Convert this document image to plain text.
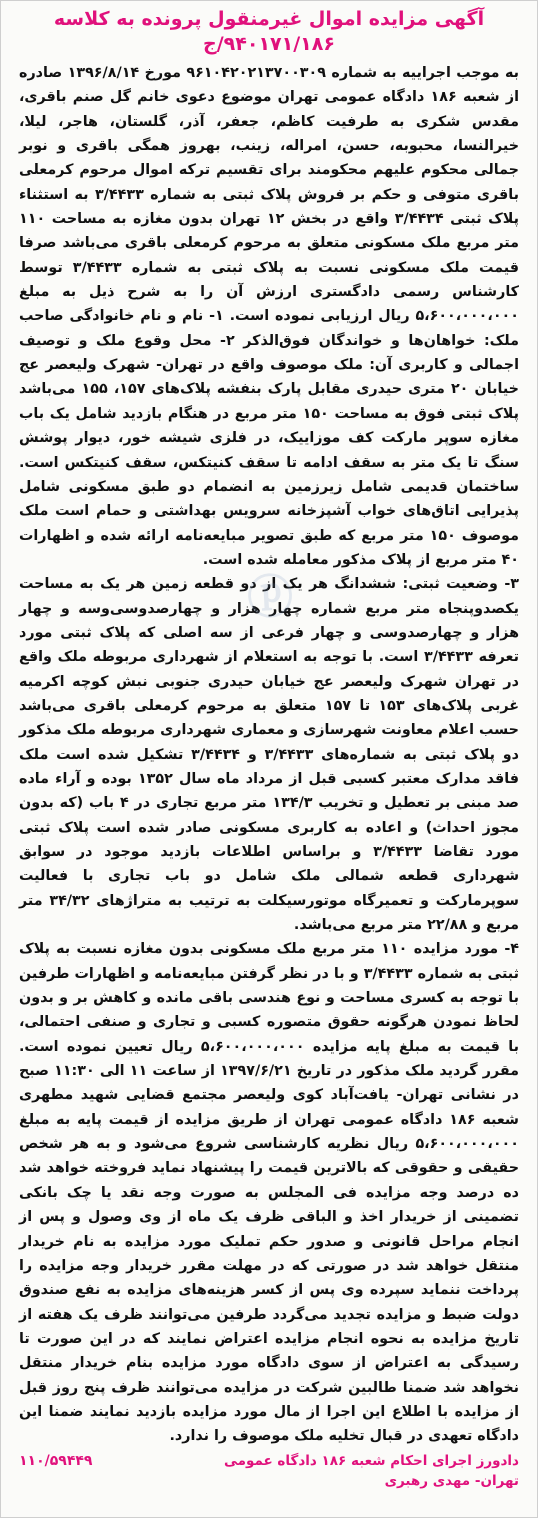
ⓟ
آگهی مزایده اموال غیرمنقول پرونده به کلاسه
۹۴۰۱۷۱/۱۸۶/ج

به موجب اجراییه به شماره ۹۶۱۰۴۲۰۲۱۳۷۰۰۳۰۹ مورخ ۱۳۹۶/۸/۱۴ صادره از شعبه ۱۸۶ دادگاه عمومی تهران موضوع دعوی خانم گل صنم باقری، مقدس شکری به طرفیت کاظم، جعفر، آذر، گلستان، هاجر، لیلا، خیرالنسا، محبوبه، حسن، امراله، زینب، بهروز همگی باقری و نوبر جمالی محکوم علیهم محکومند برای تقسیم ترکه اموال مرحوم کرمعلی باقری متوفی و حکم بر فروش پلاک ثبتی به شماره ۳/۴۴۳۳ به استثناء پلاک ثبتی ۳/۴۴۳۴ واقع در بخش ۱۲ تهران بدون مغازه به مساحت ۱۱۰ متر مربع ملک مسکونی متعلق به مرحوم کرمعلی باقری می‌باشد صرفا قیمت ملک مسکونی نسبت به پلاک ثبتی به شماره ۳/۴۴۳۳ توسط کارشناس رسمی دادگستری ارزش آن را به شرح ذیل به مبلغ ۵،۶۰۰،۰۰۰،۰۰۰ ریال ارزیابی نموده است. ۱- نام و نام خانوادگی صاحب ملک: خواهان‌ها و خواندگان فوق‌الذکر ۲- محل وقوع ملک و توصیف اجمالی و کاربری آن: ملک موصوف واقع در تهران- شهرک ولیعصر عج خیابان ۲۰ متری حیدری مقابل پارک بنفشه پلاک‌های ۱۵۷، ۱۵۵ می‌باشد پلاک ثبتی فوق به مساحت ۱۵۰ متر مربع در هنگام بازدید شامل یک باب مغازه سوپر مارکت کف موزاییک، در فلزی شیشه خور، دیوار پوشش سنگ تا یک متر به سقف ادامه تا سقف کنیتکس، سقف کنیتکس است. ساختمان قدیمی شامل زیرزمین به انضمام دو طبق مسکونی شامل پذیرایی اتاق‌های خواب آشپزخانه سرویس بهداشتی و حمام است ملک موصوف ۱۵۰ متر مربع که طبق تصویر مبایعه‌نامه ارائه شده و اظهارات ۴۰ متر مربع از پلاک مذکور معامله شده است.

۳- وضعیت ثبتی: ششدانگ هر یک از دو قطعه زمین هر یک به مساحت یکصدوپنجاه متر مربع شماره چهار هزار و چهارصدوسی‌وسه و چهار هزار و چهارصدوسی و چهار فرعی از سه اصلی که پلاک ثبتی مورد تعرفه ۳/۴۴۳۳ است. با توجه به استعلام از شهرداری مربوطه ملک واقع در تهران شهرک ولیعصر عج خیابان حیدری جنوبی نبش کوچه اکرمیه غربی پلاک‌های ۱۵۳ تا ۱۵۷ متعلق به مرحوم کرمعلی باقری می‌باشد حسب اعلام معاونت شهرسازی و معماری شهرداری مربوطه ملک مذکور دو پلاک ثبتی به شماره‌های ۳/۴۴۳۳ و ۳/۴۴۳۴ تشکیل شده است ملک فاقد مدارک معتبر کسبی قبل از مرداد ماه سال ۱۳۵۲ بوده و آراء ماده صد مبنی بر تعطیل و تخریب ۱۳۴/۳ متر مربع تجاری در ۴ باب (که بدون مجوز احداث) و اعاده به کاربری مسکونی صادر شده است پلاک ثبتی مورد تقاضا ۳/۴۴۳۳ و براساس اطلاعات بازدید موجود در سوابق شهرداری قطعه شمالی ملک شامل دو باب تجاری با فعالیت سوپرمارکت و تعمیرگاه موتورسیکلت به ترتیب به متراژهای ۳۴/۳۲ متر مربع و ۲۲/۸۸ متر مربع می‌باشد.

۴- مورد مزایده ۱۱۰ متر مربع ملک مسکونی بدون مغازه نسبت به پلاک ثبتی به شماره ۳/۴۴۳۳ و با در نظر گرفتن مبایعه‌نامه و اظهارات طرفین با توجه به کسری مساحت و نوع هندسی باقی مانده و کاهش بر و بدون لحاظ نمودن هرگونه حقوق متصوره کسبی و تجاری و صنفی احتمالی، با قیمت به مبلغ پایه مزایده ۵،۶۰۰،۰۰۰،۰۰۰ ریال تعیین نموده است. مقرر گردید ملک مذکور در تاریخ ۱۳۹۷/۶/۲۱ از ساعت ۱۱ الی ۱۱:۳۰ صبح در نشانی تهران- یافت‌آباد کوی ولیعصر مجتمع قضایی شهید مطهری شعبه ۱۸۶ دادگاه عمومی تهران از طریق مزایده از قیمت پایه به مبلغ ۵،۶۰۰،۰۰۰،۰۰۰ ریال نظریه کارشناسی شروع می‌شود و به هر شخص حقیقی و حقوقی که بالاترین قیمت را پیشنهاد نماید فروخته خواهد شد ده درصد وجه مزایده فی المجلس به صورت وجه نقد یا چک بانکی تضمینی از خریدار اخذ و الباقی ظرف یک ماه از وی وصول و پس از انجام مراحل قانونی و صدور حکم تملیک مورد مزایده به نام خریدار منتقل خواهد شد در صورتی که در مهلت مقرر خریدار وجه مزایده را پرداخت ننماید سپرده وی پس از کسر هزینه‌های مزایده به نفع صندوق دولت ضبط و مزایده تجدید می‌گردد طرفین می‌توانند ظرف یک هفته از تاریخ مزایده به نحوه انجام مزایده اعتراض نمایند که در این صورت تا رسیدگی به اعتراض از سوی دادگاه مورد مزایده بنام خریدار منتقل نخواهد شد ضمنا طالبین شرکت در مزایده می‌توانند ظرف پنج روز قبل از مزایده با اطلاع این اجرا از مال مورد مزایده بازدید نمایند ضمنا این دادگاه تعهدی در قبال تخلیه ملک موصوف را ندارد.

دادورز اجرای احکام شعبه ۱۸۶ دادگاه عمومی
تهران- مهدی رهبری
۱۱۰/۵۹۴۴۹
